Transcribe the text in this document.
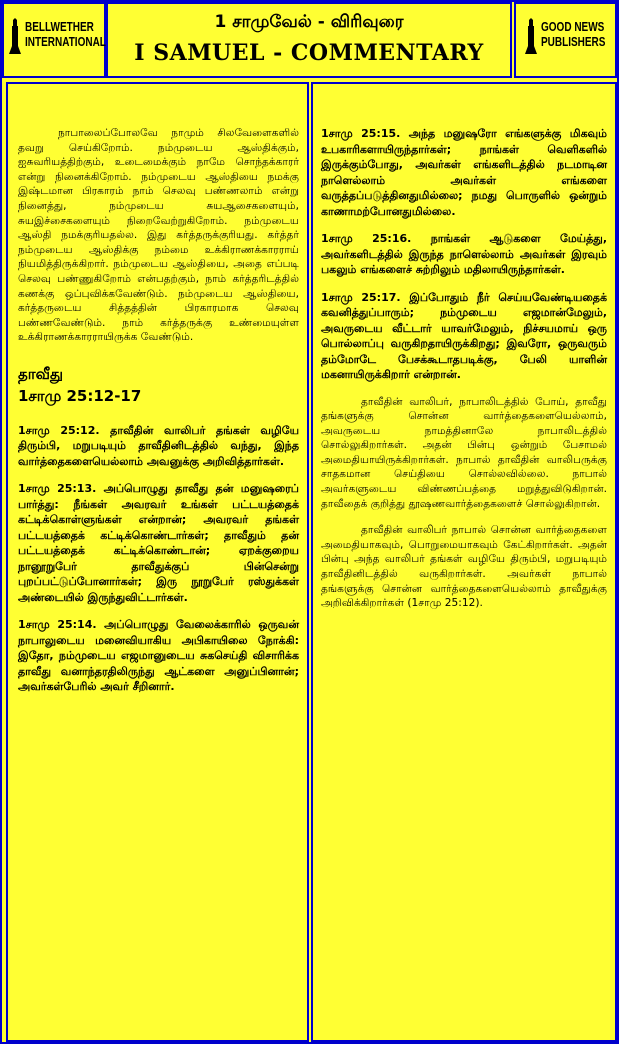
BELLWETHER
INTERNATIONAL
1 சாமுவேல் - விரிவுரை
I SAMUEL - COMMENTARY
GOOD NEWS
PUBLISHERS

நாபாலைப்போலவே நாமும் சிலவேளைகளில் தவறு செய்கிறோம். நம்முடைய ஆஸ்திக்கும், ஐசுவரியத்திற்கும், உடைமைக்கும் நாமே சொந்தக்காரர் என்று நினைக்கிறோம். நம்முடைய ஆஸ்தியை நமக்கு இஷ்டமான பிரகாரம் நாம் செலவு பண்ணலாம் என்று நினைத்து, நம்முடைய சுயஆசைகளையும், சுயஇச்சைகளையும் நிறைவேற்றுகிறோம். நம்முடைய ஆஸ்தி நமக்குரியதல்ல. இது கர்த்தருக்குரியது. கர்த்தர் நம்முடைய ஆஸ்திக்கு நம்மை உக்கிராணக்காரராய் நியமித்திருக்கிறார். நம்முடைய ஆஸ்தியை, அதை எப்படி செலவு பண்ணுகிறோம் என்பதற்கும், நாம் கர்த்தரிடத்தில் கணக்கு ஒப்புவிக்கவேண்டும். நம்முடைய ஆஸ்தியை, கர்த்தருடைய சித்தத்தின் பிரகாரமாக செலவு பண்ணவேண்டும். நாம் கர்த்தருக்கு உண்மையுள்ள உக்கிராணக்காரராயிருக்க வேண்டும்.

தாவீது
1சாமு 25:12-17

1சாமு 25:12. தாவீதின் வாலிபர் தங்கள் வழியே திரும்பி, மறுபடியும் தாவீதினிடத்தில் வந்து, இந்த வார்த்தைகளையெல்லாம் அவனுக்கு அறிவித்தார்கள்.

1சாமு 25:13. அப்பொழுது தாவீது தன் மனுஷரைப் பார்த்து: நீங்கள் அவரவர் உங்கள் பட்டயத்தைக் கட்டிக்கொள்ளுங்கள் என்றான்; அவரவர் தங்கள் பட்டயத்தைக் கட்டிக்கொண்டார்கள்; தாவீதும் தன் பட்டயத்தைக் கட்டிக்கொண்டான்; ஏறக்குறைய நானூறுபேர் தாவீதுக்குப் பின்சென்று புறப்பட்டுப்போனார்கள்; இரு நூறுபேர் ரஸ்துக்கள் அண்டையில் இருந்துவிட்டார்கள்.

1சாமு 25:14. அப்பொழுது வேலைக்காரில் ஒருவன் நாபாலுடைய மனைவியாகிய அபிகாயிலை நோக்கி: இதோ, நம்முடைய எஜமானுடைய சுகசெய்தி விசாரிக்க தாவீது வனாந்தரதிலிருந்து ஆட்களை அனுப்பினான்; அவர்கள்பேரில் அவர் சீறினார்.

1சாமு 25:15. அந்த மனுஷரோ எங்களுக்கு மிகவும் உபகாரிகளாயிருந்தார்கள்; நாங்கள் வெளிகளில் இருக்கும்போது, அவர்கள் எங்களிடத்தில் நடமாடின நாளெல்லாம் அவர்கள் எங்களை வருத்தப்படுத்தினதுமில்லை; நமது பொருளில் ஒன்றும் காணாமற்போனதுமில்லை.

1சாமு 25:16. நாங்கள் ஆடுகளை மேய்த்து, அவர்களிடத்தில் இருந்த நாளெல்லாம் அவர்கள் இரவும் பகலும் எங்களைச் சுற்றிலும் மதிலாயிருந்தார்கள்.

1சாமு 25:17. இப்போதும் நீர் செய்யவேண்டியதைக் கவனித்துப்பாரும்; நம்முடைய எஜமான்மேலும், அவருடைய வீட்டார் யாவர்மேலும், நிச்சயமாய் ஒரு பொல்லாப்பு வருகிறதாயிருக்கிறது; இவரோ, ஒருவரும் தம்மோடே பேசக்கூடாதபடிக்கு, பேலி யாளின் மகனாயிருக்கிறார் என்றான்.

தாவீதின் வாலிபர், நாபாலிடத்தில் போய், தாவீது தங்களுக்கு சொன்ன வார்த்தைகளையெல்லாம், அவருடைய நாமத்தினாலே நாபாலிடத்தில் சொல்லுகிறார்கள். அதன் பின்பு ஒன்றும் பேசாமல் அமைதியாயிருக்கிறார்கள். நாபால் தாவீதின் வாலிபருக்கு சாதகமான செய்தியை சொல்லவில்லை. நாபால் அவர்களுடைய விண்ணப்பத்தை மறுத்துவிடுகிறான். தாவீதைக் குறித்து தூஷணவார்த்தைகளைச் சொல்லுகிறான்.

தாவீதின் வாலிபர் நாபால் சொன்ன வார்த்தைகளை அமைதியாகவும், பொறுமையாகவும் கேட்கிறார்கள். அதன் பின்பு அந்த வாலிபர் தங்கள் வழியே திரும்பி, மறுபடியும் தாவீதினிடத்தில் வருகிறார்கள். அவர்கள் நாபால் தங்களுக்கு சொன்ன வார்த்தைகளையெல்லாம் தாவீதுக்கு அறிவிக்கிறார்கள் (1சாமு 25:12).
